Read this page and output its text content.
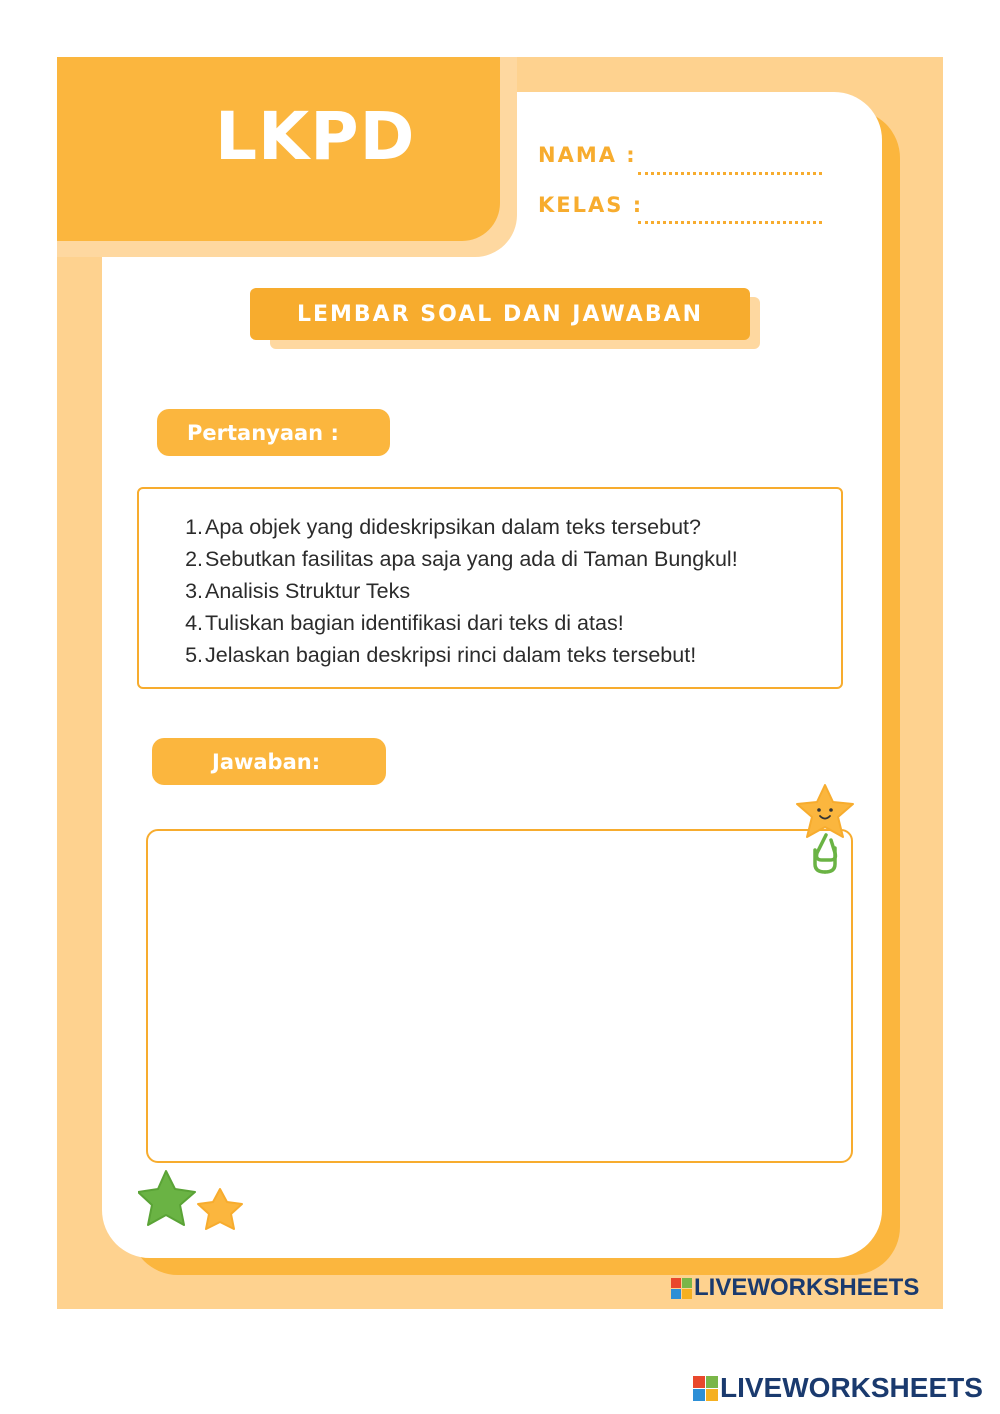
LKPD	NAMA :
KELAS :
LEMBAR SOAL DAN JAWABAN
Pertanyaan :
1.Apa objek yang dideskripsikan dalam teks tersebut?
2.Sebutkan fasilitas apa saja yang ada di Taman Bungkul!
3.Analisis Struktur Teks
4.Tuliskan bagian identifikasi dari teks di atas!
5.Jelaskan bagian deskripsi rinci dalam teks tersebut!
Jawaban:
LIVEWORKSHEETS
LIVEWORKSHEETS
